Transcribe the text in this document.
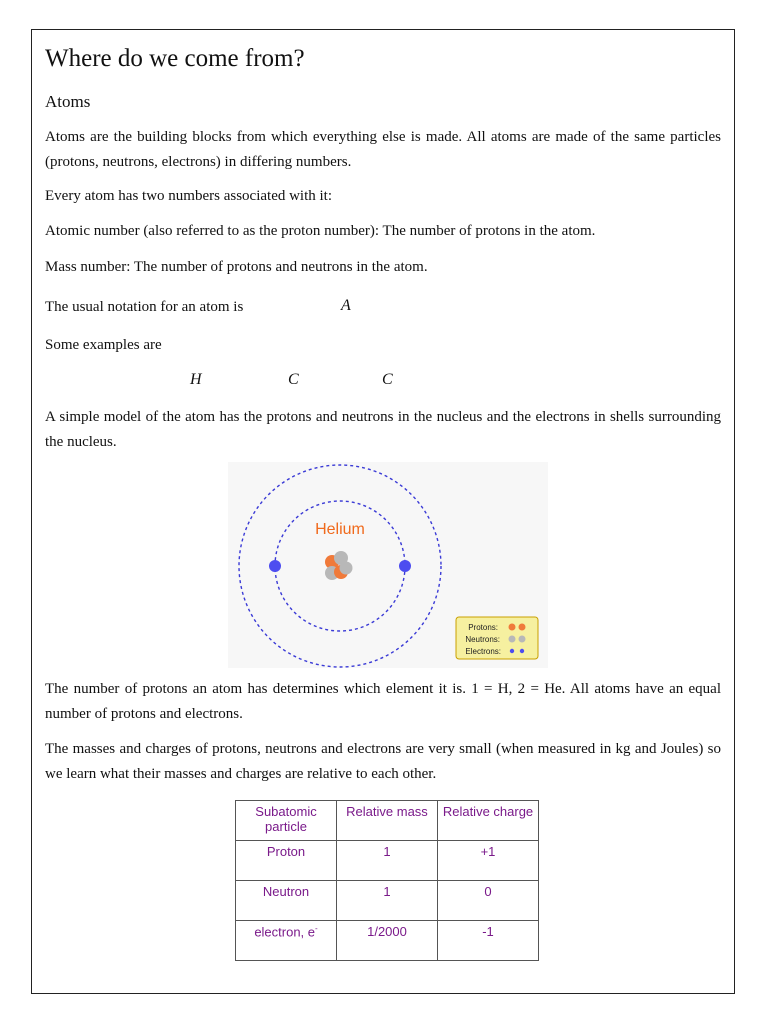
Where do we come from?
Atoms

Atoms are the building blocks from which everything else is made. All atoms are made of the same particles (protons, neutrons, electrons) in differing numbers.

Every atom has two numbers associated with it:

Atomic number (also referred to as the proton number): The number of protons in the atom.

Mass number: The number of protons and neutrons in the atom.

The usual notation for an atom is	A

Some examples are

H	C	C

A simple model of the atom has the protons and neutrons in the nucleus and the electrons in shells surrounding the nucleus.

Helium
Protons:
Neutrons:
Electrons:

The number of protons an atom has determines which element it is. 1 = H, 2 = He. All atoms have an equal number of protons and electrons.

The masses and charges of protons, neutrons and electrons are very small (when measured in kg and Joules) so we learn what their masses and charges are relative to each other.

Subatomic particle	Relative mass	Relative charge
Proton	1	+1
Neutron	1	0
electron, e-	1/2000	-1
